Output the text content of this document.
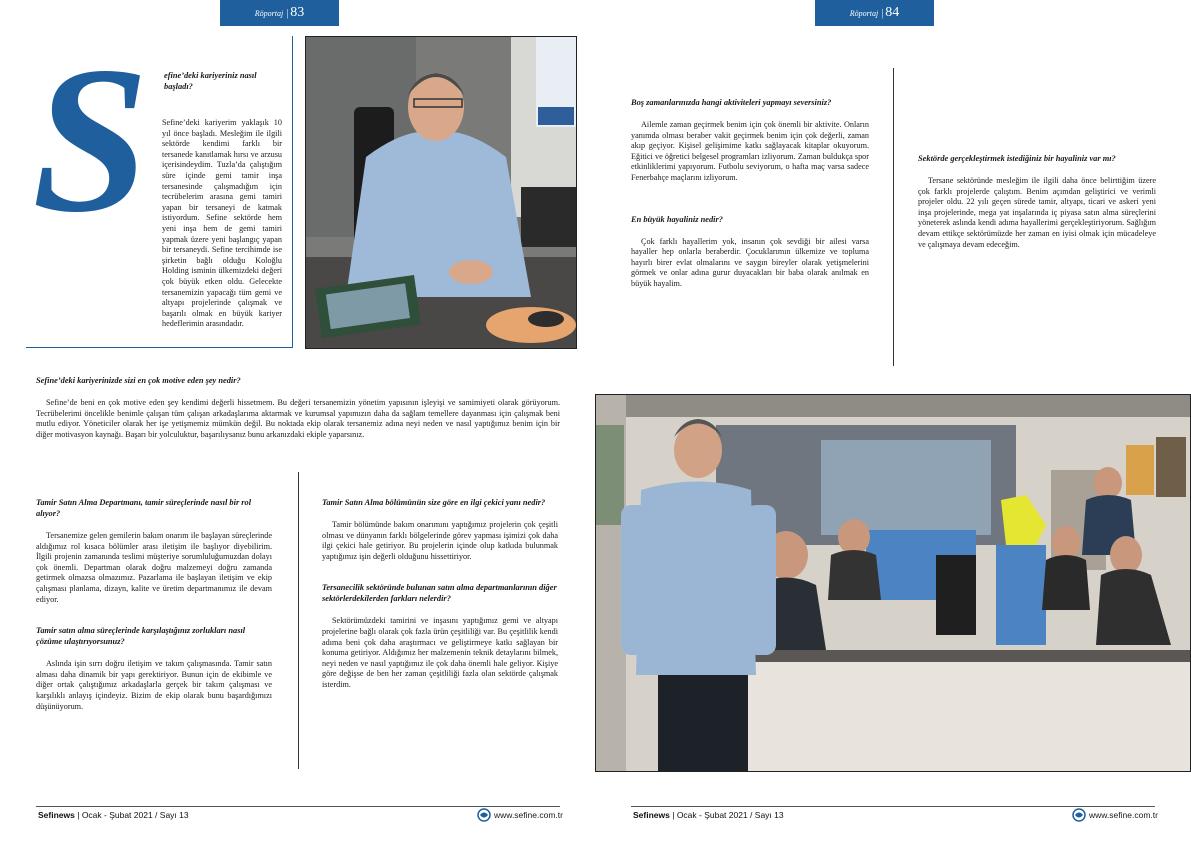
Röportaj | 83
S	efine’deki kariyeriniz nasıl başladı?

Sefine’deki kariyerim yaklaşık 10 yıl önce başladı. Mesleğim ile ilgili sektörde kendimi farklı bir tersanede kanıtlamak hırsı ve arzusu içerisindeydim. Tuzla’da çalıştığım süre içinde gemi tamir inşa tersanesinde çalışmadığım için tecrübelerim arasına gemi tamiri yapan bir tersaneyi de katmak istiyordum. Sefine sektörde hem yeni inşa hem de gemi tamiri yapmak üzere yeni başlangıç yapan bir tersaneydi. Sefine tercihimde ise şirketin bağlı olduğu Koloğlu Holding isminin ülkemizdeki değeri çok büyük etken oldu. Gelecekte tersanemizin yapacağı tüm gemi ve altyapı projelerinde çalışmak ve başarılı olmak en büyük kariyer hedeflerimin arasındadır.

Sefine’deki kariyerinizde sizi en çok motive eden şey nedir?

Sefine’de beni en çok motive eden şey kendimi değerli hissetmem. Bu değeri tersanemizin yönetim yapısının işleyişi ve samimiyeti olarak görüyorum. Tecrübelerimi öncelikle benimle çalışan tüm çalışan arkadaşlarıma aktarmak ve kurumsal yapımızın daha da sağlam temellere dayanması için çalışmak beni mutlu ediyor. Yöneticiler olarak her işe yetişmemiz mümkün değil. Bu noktada ekip olarak tersanemiz adına neyi neden ve nasıl yaptığımız benim için bir diğer motivasyon kaynağı. Başarı bir yolculuktur, başarılıysanız bunu arkanızdaki ekiple yaparsınız.

Tamir Satın Alma Departmanı, tamir süreçlerinde nasıl bir rol alıyor?

Tersanemize gelen gemilerin bakım onarım ile başlayan süreçlerinde aldığımız rol kısaca bölümler arası iletişim ile başlıyor diyebilirim. İlgili projenin zamanında teslimi müşteriye sorumluluğumuzdan dolayı çok önemli. Departman olarak doğru malzemeyi doğru zamanda getirmek olmazsa olmazımız. Pazarlama ile başlayan iletişim ve ekip çalışması planlama, dizayn, kalite ve üretim departmanımız ile devam ediyor.

Tamir satın alma süreçlerinde karşılaştığınız zorlukları nasıl çözüme ulaştırıyorsunuz?

Aslında işin sırrı doğru iletişim ve takım çalışmasında. Tamir satın alması daha dinamik bir yapı gerektiriyor. Bunun için de ekibimle ve diğer ortak çalıştığımız arkadaşlarla gerçek bir takım çalışması ve karşılıklı anlayış içindeyiz. Bizim de ekip olarak bunu başardığımızı düşünüyorum.

Tamir Satın Alma bölümünün size göre en ilgi çekici yanı nedir?

Tamir bölümünde bakım onarımını yaptığımız projelerin çok çeşitli olması ve dünyanın farklı bölgelerinde görev yapması işimizi çok daha ilgi çekici hale getiriyor. Bu projelerin içinde olup katkıda bulunmak yaptığımız işin değerli olduğunu hissettiriyor.

Tersanecilik sektöründe bulunan satın alma departmanlarının diğer sektörlerdekilerden farkları nelerdir?

Sektörümüzdeki tamirini ve inşasını yaptığımız gemi ve altyapı projelerine bağlı olarak çok fazla ürün çeşitliliği var. Bu çeşitlilik kendi adıma beni çok daha araştırmacı ve geliştirmeye katkı sağlayan bir konuma getiriyor. Aldığımız her malzemenin teknik detaylarını bilmek, neyi neden ve nasıl yaptığımız ile çok daha önemli hale geliyor. Kişiye göre değişse de ben her zaman çeşitliliği fazla olan sektörde çalışmak isterdim.

Sefinews | Ocak - Şubat 2021 / Sayı 13	www.sefine.com.tr
Röportaj | 84

Boş zamanlarınızda hangi aktiviteleri yapmayı seversiniz?

Ailemle zaman geçirmek benim için çok önemli bir aktivite. Onların yanımda olması beraber vakit geçirmek benim için çok değerli, zaman akıp geçiyor. Kişisel gelişimime katkı sağlayacak kitaplar okuyorum. Eğitici ve öğretici belgesel programları izliyorum. Zaman buldukça spor etkinliklerimi yapıyorum. Futbolu seviyorum, o hafta maç varsa sadece Fenerbahçe maçlarını izliyorum.

En büyük hayaliniz nedir?

Çok farklı hayallerim yok, insanın çok sevdiği bir ailesi varsa hayaller hep onlarla beraberdir. Çocuklarımın ülkemize ve topluma hayırlı birer evlat olmalarını ve saygın bireyler olarak yetişmelerini görmek ve onlar adına gurur duyacakları bir baba olarak anılmak en büyük hayalim.

Sektörde gerçekleştirmek istediğiniz bir hayaliniz var mı?

Tersane sektöründe mesleğim ile ilgili daha önce belirttiğim üzere çok farklı projelerde çalıştım. Benim açımdan geliştirici ve verimli projeler oldu. 22 yılı geçen sürede tamir, altyapı, ticari ve askeri yeni inşa projelerinde, mega yat inşalarında iç piyasa satın alma süreçlerini yöneterek aslında kendi adıma hayallerimi gerçekleştiriyorum. Sağlığım devam ettikçe sektörümüzde her zaman en iyisi olmak için mücadeleye ve çalışmaya devam edeceğim.

Sefinews | Ocak - Şubat 2021 / Sayı 13	www.sefine.com.tr
